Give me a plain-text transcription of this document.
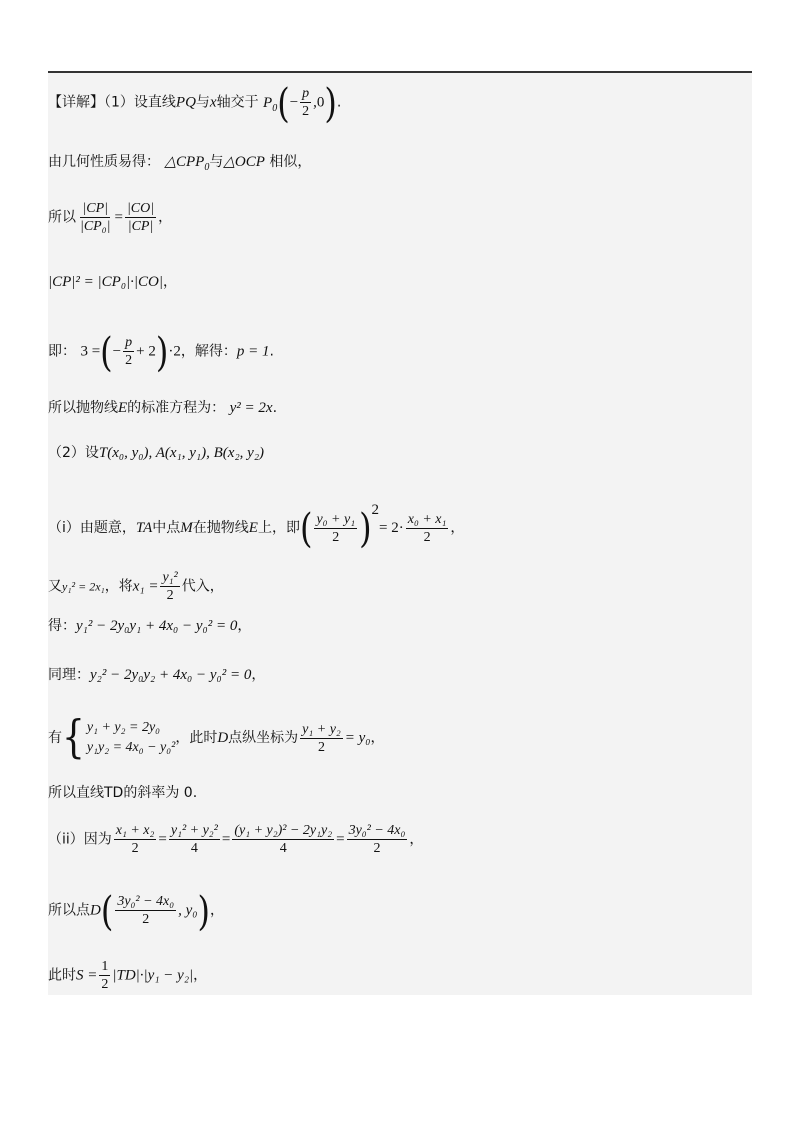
【详解】（1）设直线PQ与x轴交于 $P_0(- \frac{p}{2} ,0)$.
由几何性质易得： $\triangle CPP_0$与△OCP 相似，
所以 $\frac{|CP|}{\text{|CP₀|}} = \frac{|CO|}{|CP|}$ ，
|CP|² = |CP₀|·|CO|，
即： 3 =(− $\frac{p}{2} + 2)\cdot 2$，解得：p = 1.
所以抛物线E的标准方程为： y² = 2x.
（2）设T(x₀, y₀), A(x₁, y₁), B(x₂, y₂)
（i）由题意，TA中点M在抛物线E上，即( $\frac{\text{y₀ + y₁}}{2} )^2= 2\cdot \frac{\text{x₀ + x₁}}{2}$ ，
又y₁² = 2x₁，将$x_1 = \frac{\text{y₁²}}{2}$ 代入，
得：y₁² − 2y₀y₁ + 4x₀ − y₀² = 0，
同理：y₂² − 2y₀y₂ + 4x₀ − y₀² = 0，
有{ y₁ + y₂ = 2y₀
y₁y₂ = 4x₀ − y₀²
，此时D点纵坐标为 $\frac{\text{y₁ + y₂}}{2} = y_0$，
所以直线TD的斜率为 0.
（ii）因为 $\frac{\text{x₁ + x₂}}{2} = \frac{\text{y₁² + y₂²}}{4} = \frac{\text{(y₁ + y₂)² − 2y₁y₂}}{4} = \frac{\text{3y₀² − 4x₀}}{2}$ ，
所以点$D( \frac{\text{3y₀² − 4x₀}}{2}$ , y₀)，
此时$S = \frac{1}{2} |TD|\cdot|y_1 - y_2|$，
